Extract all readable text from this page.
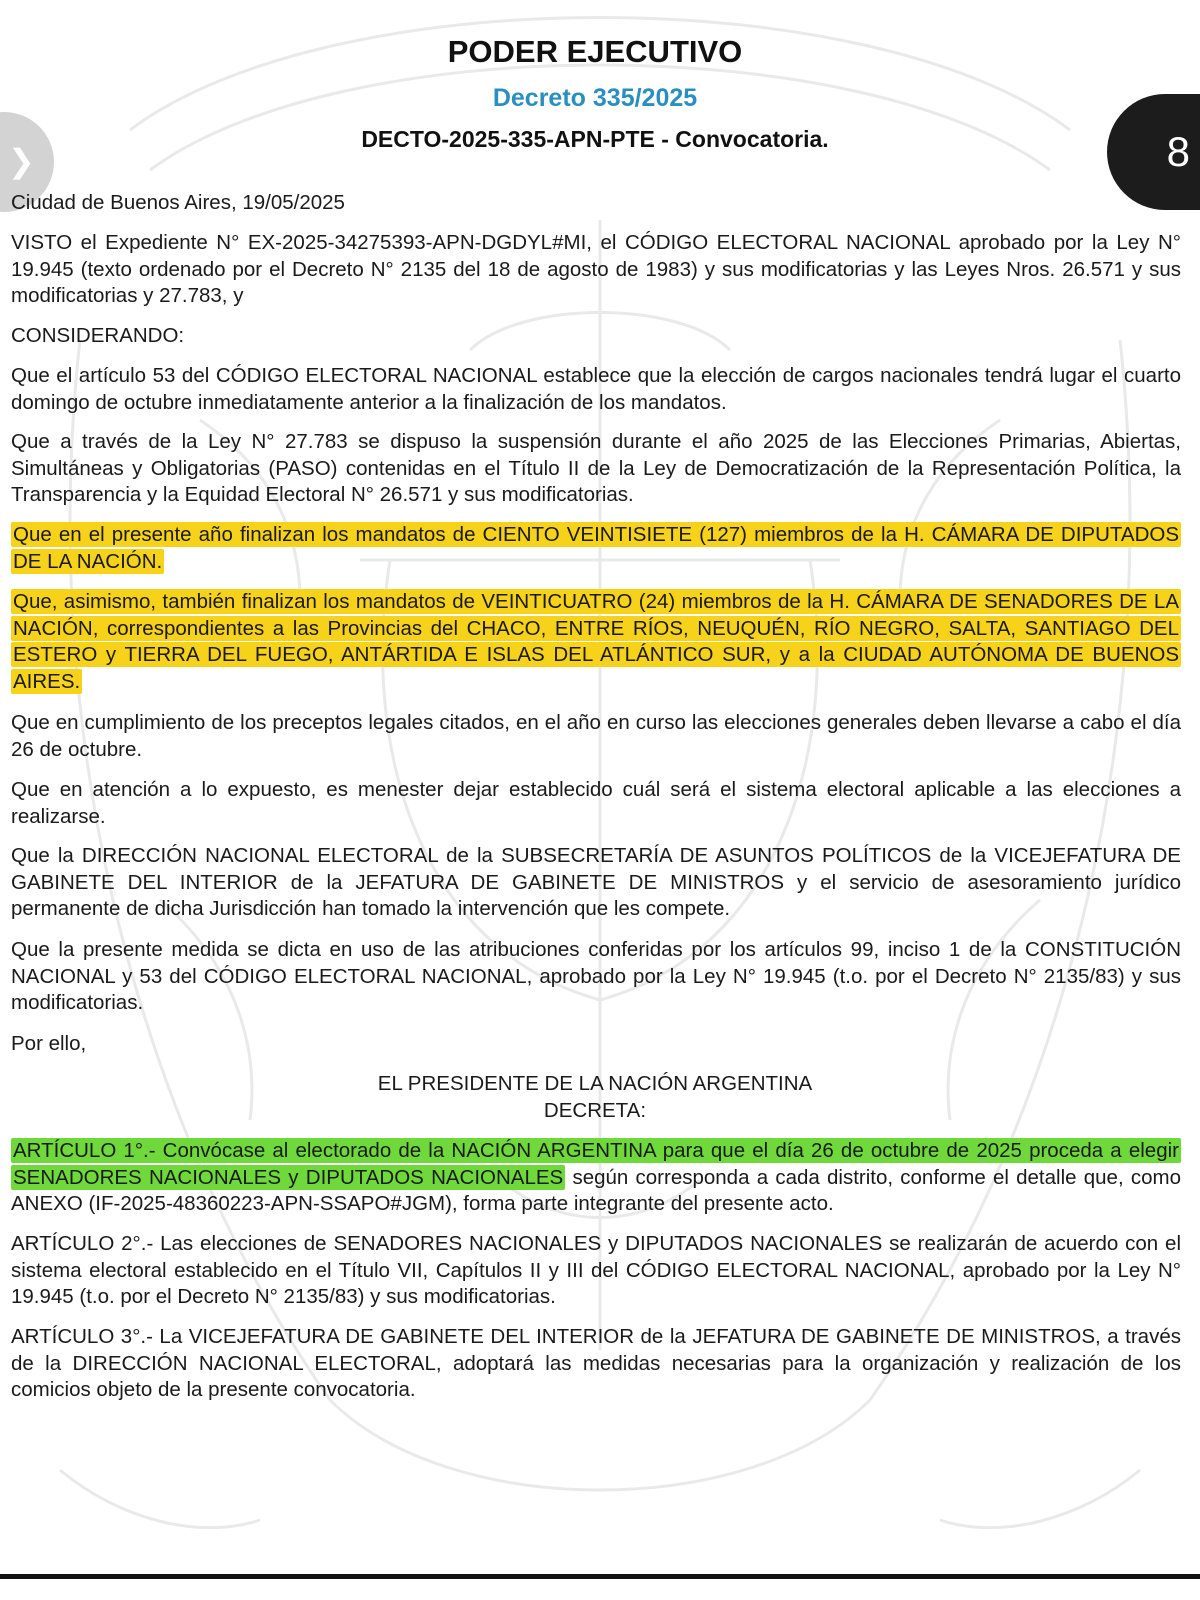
❯
PODER EJECUTIVO
Decreto 335/2025
DECTO-2025-335-APN-PTE - Convocatoria.	8
Ciudad de Buenos Aires, 19/05/2025
VISTO el Expediente N° EX-2025-34275393-APN-DGDYL#MI, el CÓDIGO ELECTORAL NACIONAL aprobado por la Ley N° 19.945 (texto ordenado por el Decreto N° 2135 del 18 de agosto de 1983) y sus modificatorias y las Leyes Nros. 26.571 y sus modificatorias y 27.783, y
CONSIDERANDO:
Que el artículo 53 del CÓDIGO ELECTORAL NACIONAL establece que la elección de cargos nacionales tendrá lugar el cuarto domingo de octubre inmediatamente anterior a la finalización de los mandatos.
Que a través de la Ley N° 27.783 se dispuso la suspensión durante el año 2025 de las Elecciones Primarias, Abiertas, Simultáneas y Obligatorias (PASO) contenidas en el Título II de la Ley de Democratización de la Representación Política, la Transparencia y la Equidad Electoral N° 26.571 y sus modificatorias.
Que en el presente año finalizan los mandatos de CIENTO VEINTISIETE (127) miembros de la H. CÁMARA DE DIPUTADOS DE LA NACIÓN.
Que, asimismo, también finalizan los mandatos de VEINTICUATRO (24) miembros de la H. CÁMARA DE SENADORES DE LA NACIÓN, correspondientes a las Provincias del CHACO, ENTRE RÍOS, NEUQUÉN, RÍO NEGRO, SALTA, SANTIAGO DEL ESTERO y TIERRA DEL FUEGO, ANTÁRTIDA E ISLAS DEL ATLÁNTICO SUR, y a la CIUDAD AUTÓNOMA DE BUENOS AIRES.
Que en cumplimiento de los preceptos legales citados, en el año en curso las elecciones generales deben llevarse a cabo el día 26 de octubre.
Que en atención a lo expuesto, es menester dejar establecido cuál será el sistema electoral aplicable a las elecciones a realizarse.
Que la DIRECCIÓN NACIONAL ELECTORAL de la SUBSECRETARÍA DE ASUNTOS POLÍTICOS de la VICEJEFATURA DE GABINETE DEL INTERIOR de la JEFATURA DE GABINETE DE MINISTROS y el servicio de asesoramiento jurídico permanente de dicha Jurisdicción han tomado la intervención que les compete.
Que la presente medida se dicta en uso de las atribuciones conferidas por los artículos 99, inciso 1 de la CONSTITUCIÓN NACIONAL y 53 del CÓDIGO ELECTORAL NACIONAL, aprobado por la Ley N° 19.945 (t.o. por el Decreto N° 2135/83) y sus modificatorias.
Por ello,
EL PRESIDENTE DE LA NACIÓN ARGENTINA
DECRETA:
ARTÍCULO 1°.- Convócase al electorado de la NACIÓN ARGENTINA para que el día 26 de octubre de 2025 proceda a elegir SENADORES NACIONALES y DIPUTADOS NACIONALES según corresponda a cada distrito, conforme el detalle que, como ANEXO (IF-2025-48360223-APN-SSAPO#JGM), forma parte integrante del presente acto.
ARTÍCULO 2°.- Las elecciones de SENADORES NACIONALES y DIPUTADOS NACIONALES se realizarán de acuerdo con el sistema electoral establecido en el Título VII, Capítulos II y III del CÓDIGO ELECTORAL NACIONAL, aprobado por la Ley N° 19.945 (t.o. por el Decreto N° 2135/83) y sus modificatorias.
ARTÍCULO 3°.- La VICEJEFATURA DE GABINETE DEL INTERIOR de la JEFATURA DE GABINETE DE MINISTROS, a través de la DIRECCIÓN NACIONAL ELECTORAL, adoptará las medidas necesarias para la organización y realización de los comicios objeto de la presente convocatoria.
